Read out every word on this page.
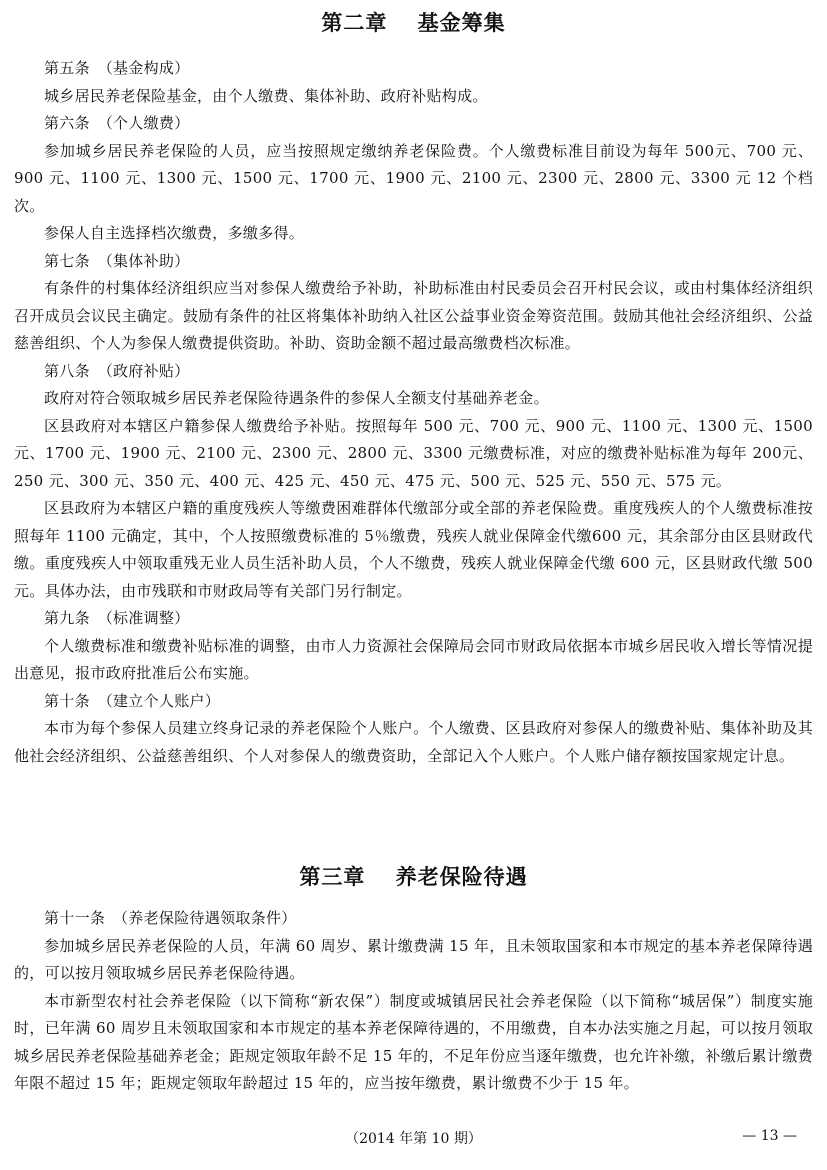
第二章　 基金筹集

第五条　（基金构成）

城乡居民养老保险基金，由个人缴费、集体补助、政府补贴构成。

第六条　（个人缴费）

参加城乡居民养老保险的人员，应当按照规定缴纳养老保险费。个人缴费标准目前设为每年 500元、700 元、900 元、1100 元、1300 元、1500 元、1700 元、1900 元、2100 元、2300 元、2800 元、3300 元 12 个档次。

参保人自主选择档次缴费，多缴多得。

第七条　（集体补助）

有条件的村集体经济组织应当对参保人缴费给予补助，补助标准由村民委员会召开村民会议，或由村集体经济组织召开成员会议民主确定。鼓励有条件的社区将集体补助纳入社区公益事业资金筹资范围。鼓励其他社会经济组织、公益慈善组织、个人为参保人缴费提供资助。补助、资助金额不超过最高缴费档次标准。

第八条　（政府补贴）

政府对符合领取城乡居民养老保险待遇条件的参保人全额支付基础养老金。

区县政府对本辖区户籍参保人缴费给予补贴。按照每年 500 元、700 元、900 元、1100 元、1300 元、1500 元、1700 元、1900 元、2100 元、2300 元、2800 元、3300 元缴费标准，对应的缴费补贴标准为每年 200元、250 元、300 元、350 元、400 元、425 元、450 元、475 元、500 元、525 元、550 元、575 元。

区县政府为本辖区户籍的重度残疾人等缴费困难群体代缴部分或全部的养老保险费。重度残疾人的个人缴费标准按照每年 1100 元确定，其中，个人按照缴费标准的 5％缴费，残疾人就业保障金代缴600 元，其余部分由区县财政代缴。重度残疾人中领取重残无业人员生活补助人员，个人不缴费，残疾人就业保障金代缴 600 元，区县财政代缴 500 元。具体办法，由市残联和市财政局等有关部门另行制定。

第九条　（标准调整）

个人缴费标准和缴费补贴标准的调整，由市人力资源社会保障局会同市财政局依据本市城乡居民收入增长等情况提出意见，报市政府批准后公布实施。

第十条　（建立个人账户）

本市为每个参保人员建立终身记录的养老保险个人账户。个人缴费、区县政府对参保人的缴费补贴、集体补助及其他社会经济组织、公益慈善组织、个人对参保人的缴费资助，全部记入个人账户。个人账户储存额按国家规定计息。

第三章　 养老保险待遇

第十一条　（养老保险待遇领取条件）

参加城乡居民养老保险的人员，年满 60 周岁、累计缴费满 15 年，且未领取国家和本市规定的基本养老保障待遇的，可以按月领取城乡居民养老保险待遇。

本市新型农村社会养老保险（以下简称“新农保”）制度或城镇居民社会养老保险（以下简称“城居保”）制度实施时，已年满 60 周岁且未领取国家和本市规定的基本养老保障待遇的，不用缴费，自本办法实施之月起，可以按月领取城乡居民养老保险基础养老金；距规定领取年龄不足 15 年的，不足年份应当逐年缴费，也允许补缴，补缴后累计缴费年限不超过 15 年；距规定领取年龄超过 15 年的，应当按年缴费，累计缴费不少于 15 年。

（2014 年第 10 期）	— 13 —
